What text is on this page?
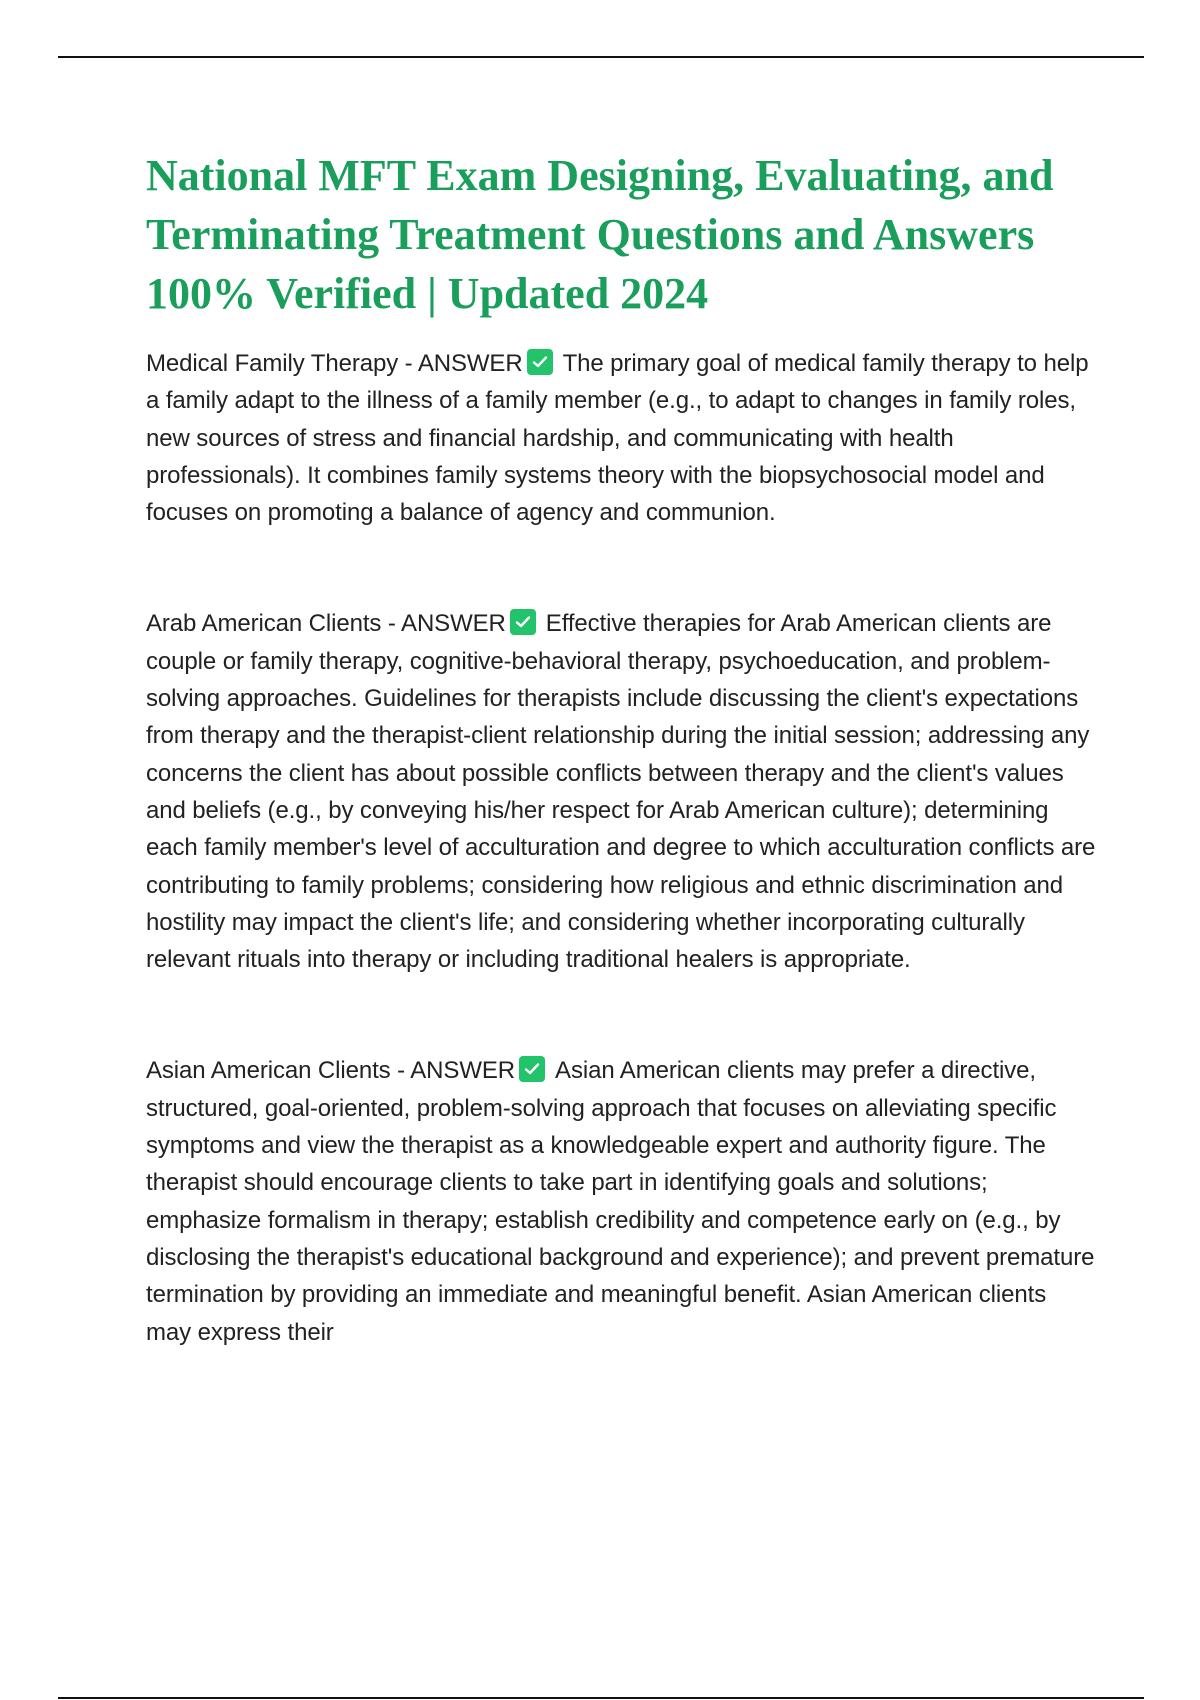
National MFT Exam Designing, Evaluating, and Terminating Treatment Questions and Answers 100% Verified | Updated 2024

Medical Family Therapy - ANSWER The primary goal of medical family therapy to help a family adapt to the illness of a family member (e.g., to adapt to changes in family roles, new sources of stress and financial hardship, and communicating with health professionals). It combines family systems theory with the biopsychosocial model and focuses on promoting a balance of agency and communion.

Arab American Clients - ANSWER Effective therapies for Arab American clients are couple or family therapy, cognitive-behavioral therapy, psychoeducation, and problem-solving approaches. Guidelines for therapists include discussing the client's expectations from therapy and the therapist-client relationship during the initial session; addressing any concerns the client has about possible conflicts between therapy and the client's values and beliefs (e.g., by conveying his/her respect for Arab American culture); determining each family member's level of acculturation and degree to which acculturation conflicts are contributing to family problems; considering how religious and ethnic discrimination and hostility may impact the client's life; and considering whether incorporating culturally relevant rituals into therapy or including traditional healers is appropriate.

Asian American Clients - ANSWER Asian American clients may prefer a directive, structured, goal-oriented, problem-solving approach that focuses on alleviating specific symptoms and view the therapist as a knowledgeable expert and authority figure. The therapist should encourage clients to take part in identifying goals and solutions; emphasize formalism in therapy; establish credibility and competence early on (e.g., by disclosing the therapist's educational background and experience); and prevent premature termination by providing an immediate and meaningful benefit. Asian American clients may express their
